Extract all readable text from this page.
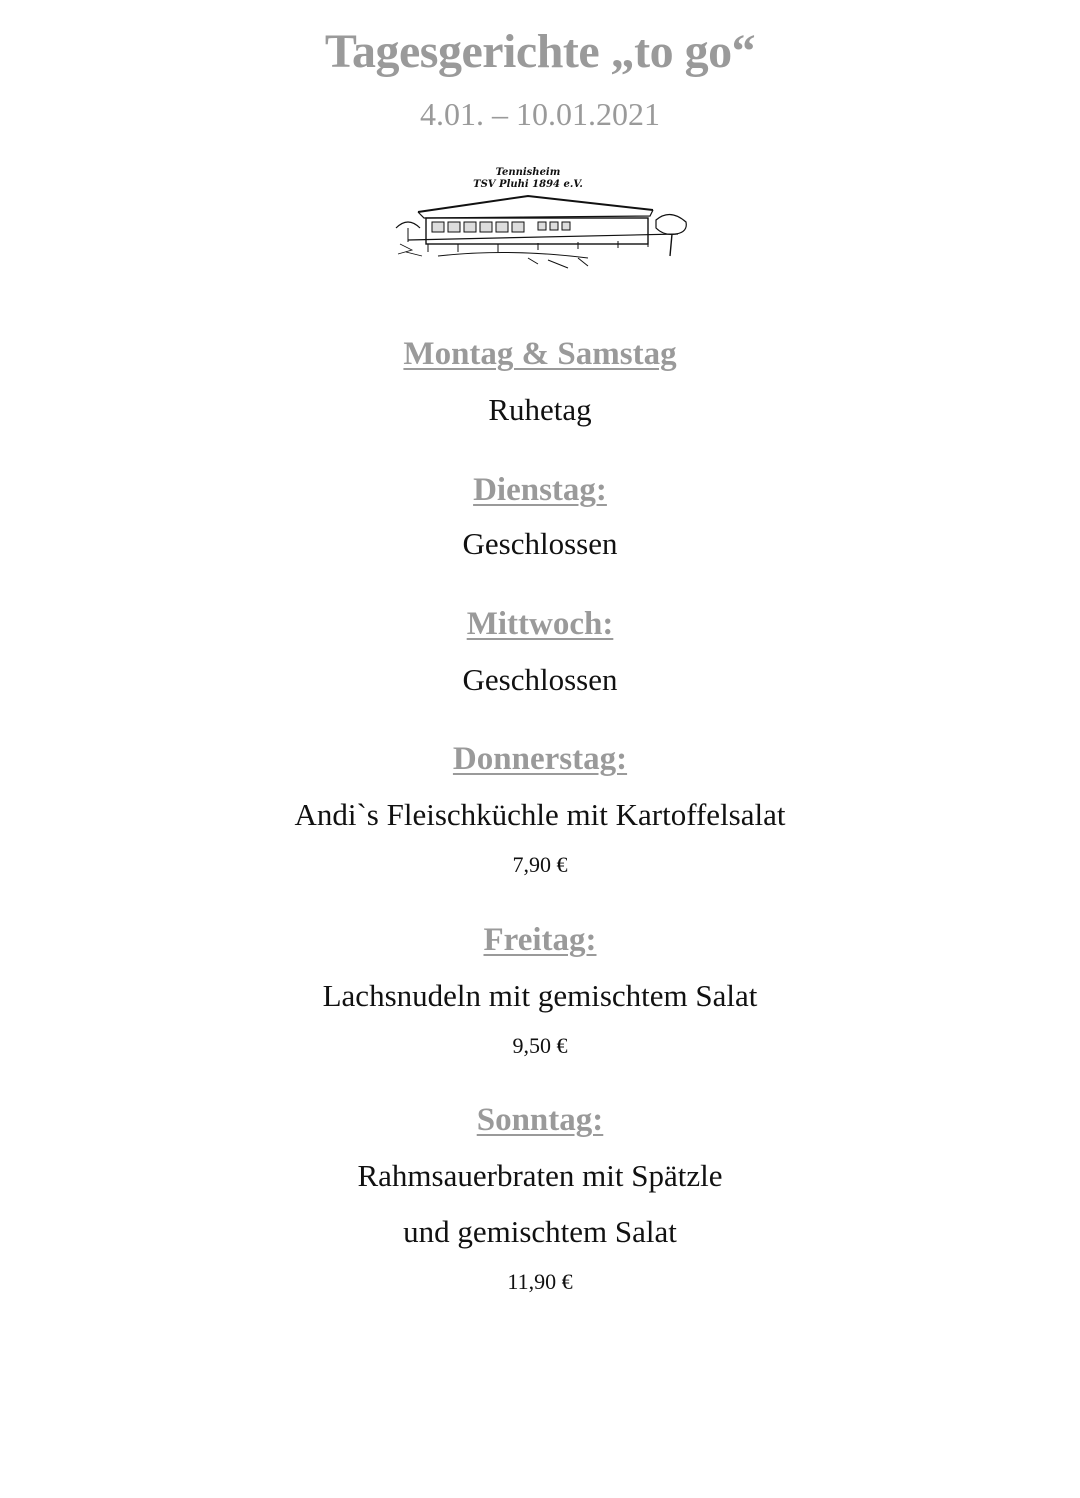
Tagesgerichte „to go“
4.01. – 10.01.2021
Tennisheim
TSV Pluhi 1894 e.V.
Montag & Samstag
Ruhetag
Dienstag:
Geschlossen
Mittwoch:
Geschlossen
Donnerstag:
Andi`s Fleischküchle mit Kartoffelsalat
7,90 €
Freitag:
Lachsnudeln mit gemischtem Salat
9,50 €
Sonntag:
Rahmsauerbraten mit Spätzle
und gemischtem Salat
11,90 €
